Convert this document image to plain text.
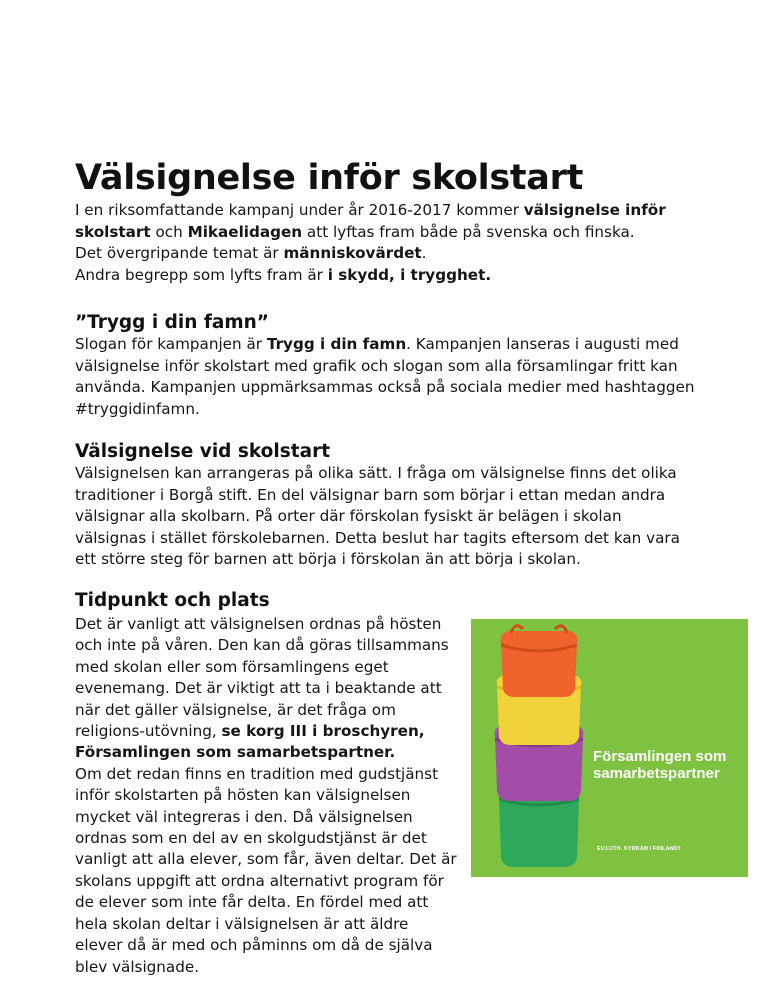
Välsignelse inför skolstart

I en riksomfattande kampanj under år 2016-2017 kommer välsignelse inför

skolstart och Mikaelidagen att lyftas fram både på svenska och finska.

Det övergripande temat är människovärdet.

Andra begrepp som lyfts fram är i skydd, i trygghet.

”Trygg i din famn”

Slogan för kampanjen är Trygg i din famn. Kampanjen lanseras i augusti med välsignelse inför skolstart med grafik och slogan som alla församlingar fritt kan använda. Kampanjen uppmärksammas också på sociala medier med hashtaggen #tryggidinfamn.

Välsignelse vid skolstart

Välsignelsen kan arrangeras på olika sätt. I fråga om välsignelse finns det olika traditioner i Borgå stift. En del välsignar barn som börjar i ettan medan andra välsignar alla skolbarn. På orter där förskolan fysiskt är belägen i skolan välsignas i stället förskolebarnen. Detta beslut har tagits eftersom det kan vara ett större steg för barnen att börja i förskolan än att börja i skolan.

Tidpunkt och plats

Det är vanligt att välsignelsen ordnas på hösten och inte på våren. Den kan då göras tillsammans med skolan eller som församlingens eget evenemang. Det är viktigt att ta i beaktande att när det gäller välsignelse, är det fråga om religions-utövning, se korg III i broschyren, Församlingen som samarbetspartner.

Om det redan finns en tradition med gudstjänst inför skolstarten på hösten kan välsignelsen mycket väl integreras i den. Då välsignelsen ordnas som en del av en skolgudstjänst är det vanligt att alla elever, som får, även deltar. Det är skolans uppgift att ordna alternativt program för de elever som inte får delta. En fördel med att hela skolan deltar i välsignelsen är att äldre elever då är med och påminns om då de själva blev välsignade.

Församlingen som samarbetspartner
EV.LUTH. KYRKAN I FINLAND†
